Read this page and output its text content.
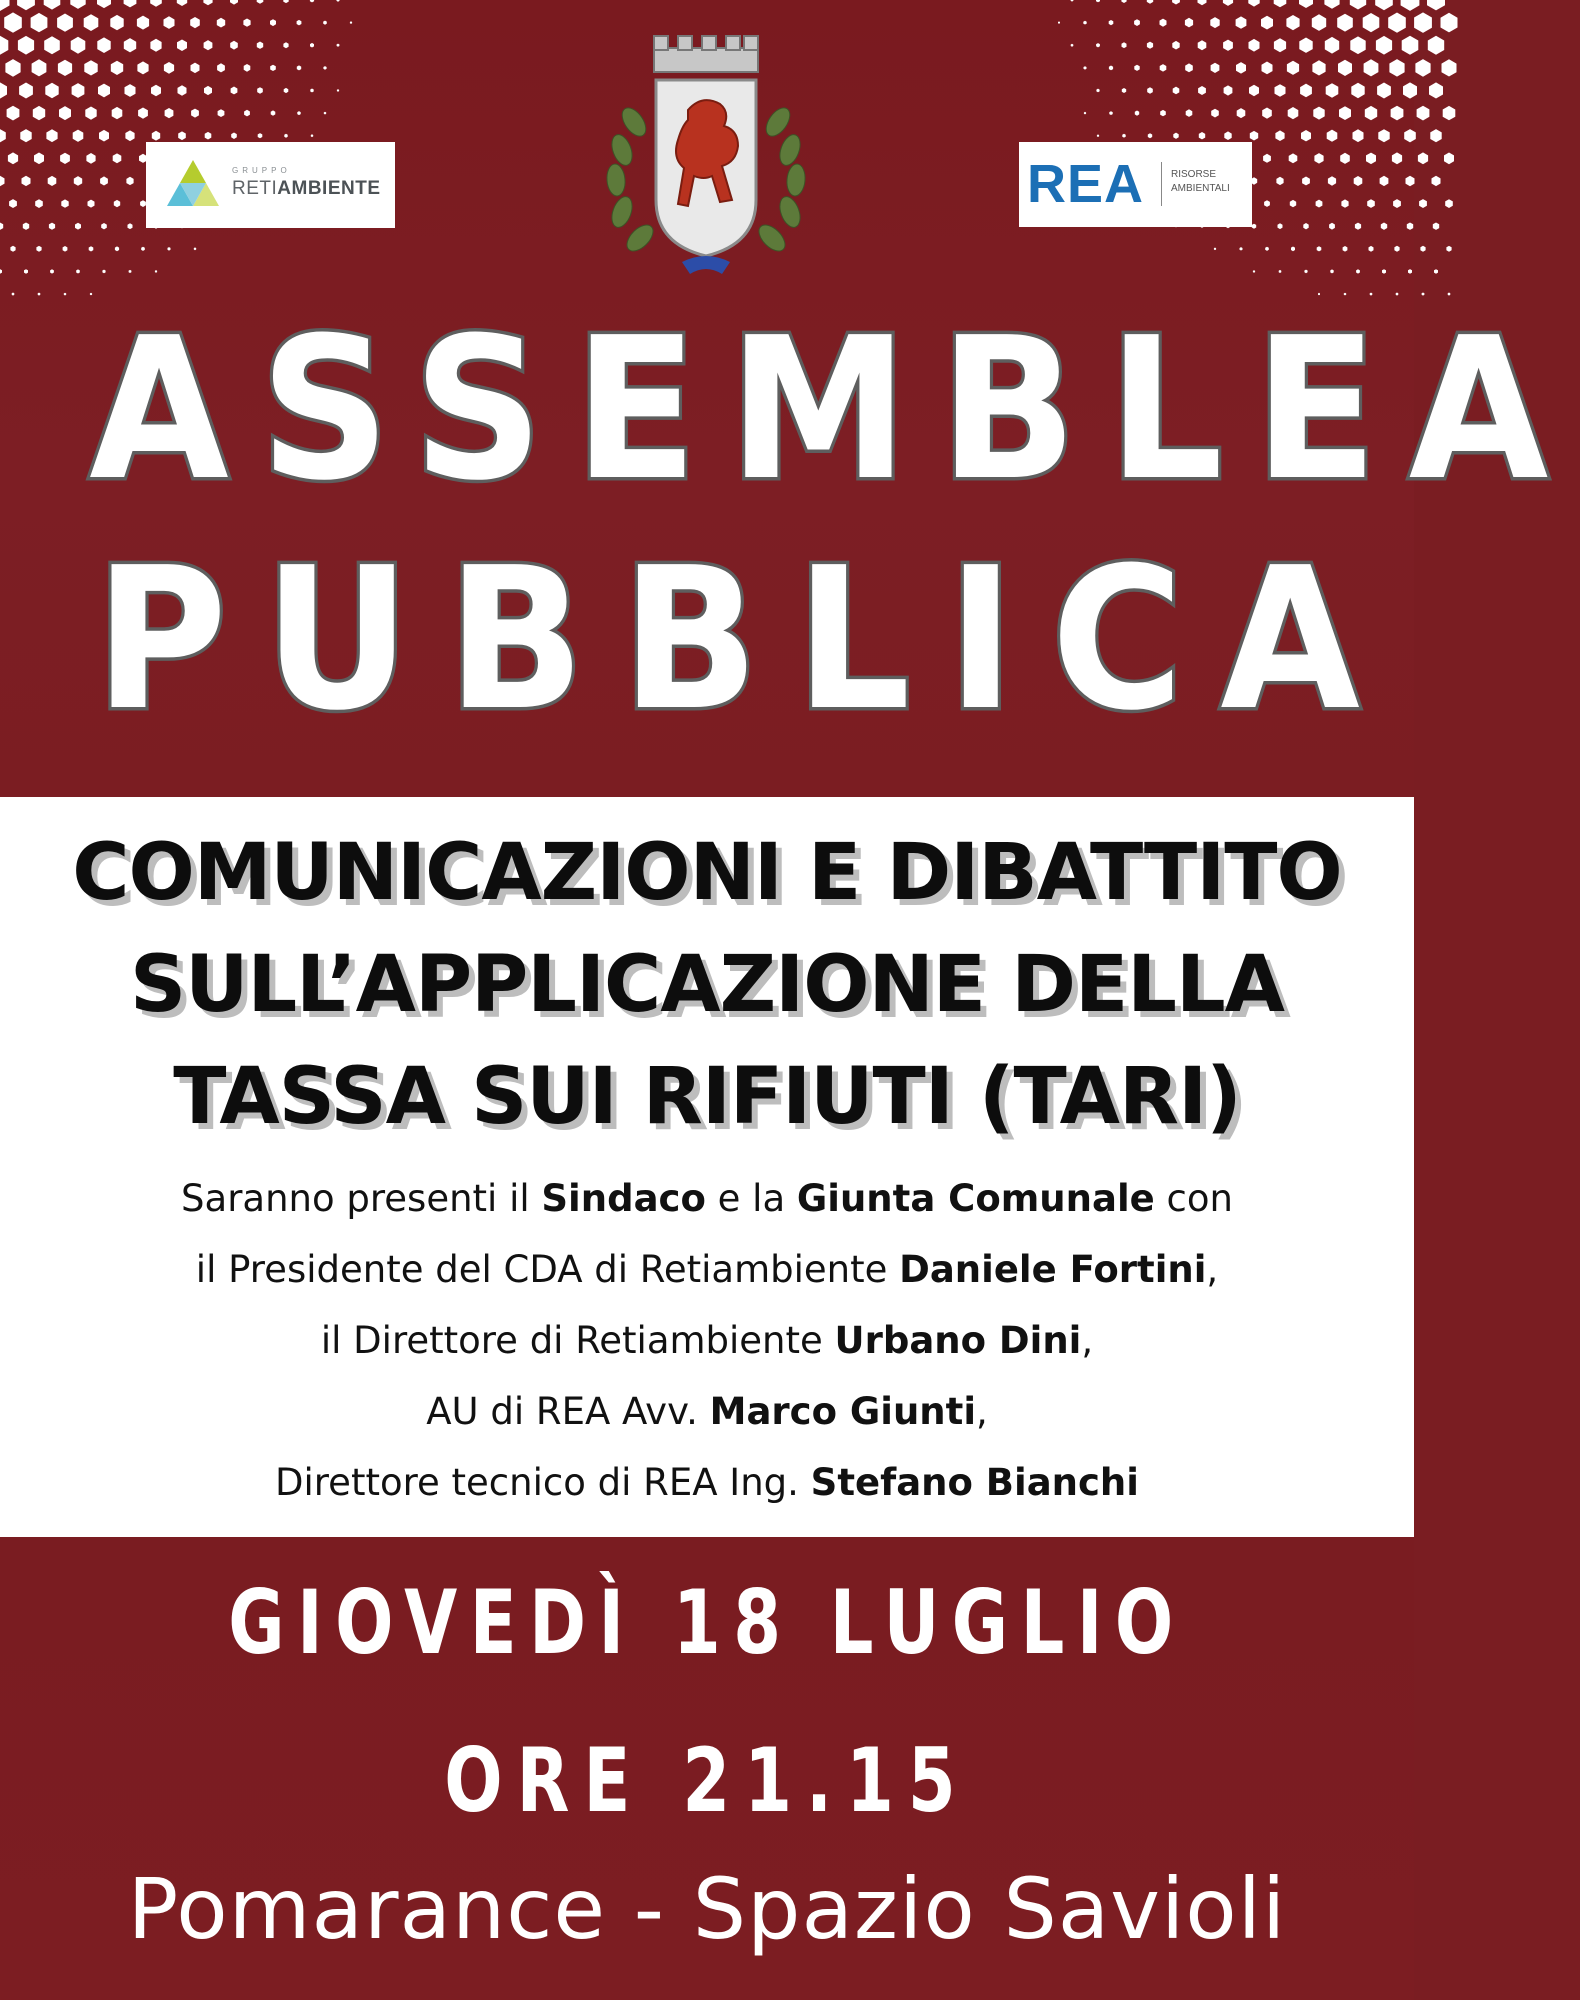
GRUPPO
RETIAMBIENTE	REA	RISORSE
AMBIENTALI
ASSEMBLEA
PUBBLICA
COMUNICAZIONI E DIBATTITO
SULL’APPLICAZIONE DELLA
TASSA SUI RIFIUTI (TARI)
Saranno presenti il Sindaco e la Giunta Comunale con
il Presidente del CDA di Retiambiente Daniele Fortini,
il Direttore di Retiambiente Urbano Dini,
AU di REA Avv. Marco Giunti,
Direttore tecnico di REA Ing. Stefano Bianchi
GIOVEDÌ 18 LUGLIO
ORE 21.15
Pomarance - Spazio Savioli
